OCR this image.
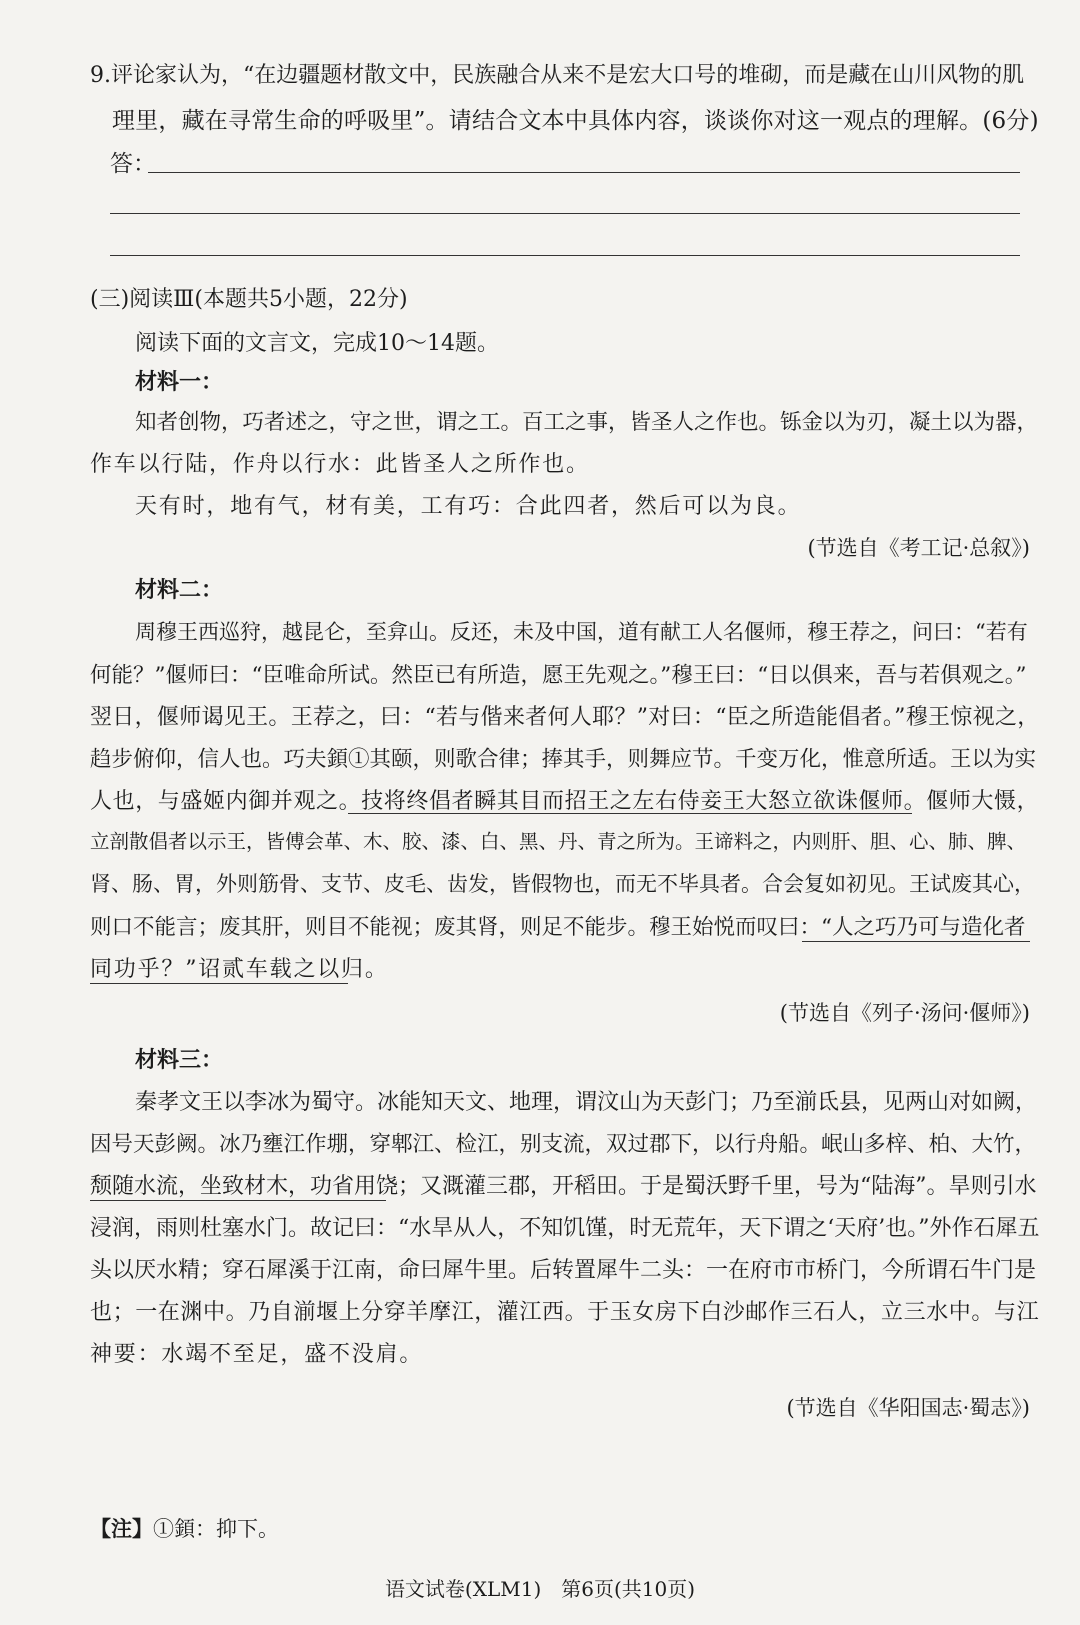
9.评论家认为，“在边疆题材散文中，民族融合从来不是宏大口号的堆砌，而是藏在山川风物的肌
理里，藏在寻常生命的呼吸里”。请结合文本中具体内容，谈谈你对这一观点的理解。(6分)
答：
(三)阅读Ⅲ(本题共5小题，22分)
阅读下面的文言文，完成10～14题。
材料一：
知者创物，巧者述之，守之世，谓之工。百工之事，皆圣人之作也。铄金以为刃，凝土以为器，
作车以行陆，作舟以行水：此皆圣人之所作也。
天有时，地有气，材有美，工有巧：合此四者，然后可以为良。
(节选自《考工记·总叙》)
材料二：
周穆王西巡狩，越昆仑，至弇山。反还，未及中国，道有献工人名偃师，穆王荐之，问曰：“若有
何能？”偃师曰：“臣唯命所试。然臣已有所造，愿王先观之。”穆王曰：“日以俱来，吾与若俱观之。”
翌日，偃师谒见王。王荐之，曰：“若与偕来者何人耶？”对曰：“臣之所造能倡者。”穆王惊视之，
趋步俯仰，信人也。巧夫顉①其颐，则歌合律；捧其手，则舞应节。千变万化，惟意所适。王以为实
人也，与盛姬内御并观之。技将终倡者瞬其目而招王之左右侍妾王大怒立欲诛偃师。偃师大慑，
立剖散倡者以示王，皆傅会革、木、胶、漆、白、黑、丹、青之所为。王谛料之，内则肝、胆、心、肺、脾、
肾、肠、胃，外则筋骨、支节、皮毛、齿发，皆假物也，而无不毕具者。合会复如初见。王试废其心，
则口不能言；废其肝，则目不能视；废其肾，则足不能步。穆王始悦而叹曰：“人之巧乃可与造化者
同功乎？”诏贰车载之以归。
(节选自《列子·汤问·偃师》)
材料三：
秦孝文王以李冰为蜀守。冰能知天文、地理，谓汶山为天彭门；乃至湔氐县，见两山对如阙，
因号天彭阙。冰乃壅江作堋，穿郫江、检江，别支流，双过郡下，以行舟船。岷山多梓、柏、大竹，
颓随水流，坐致材木，功省用饶；又溉灌三郡，开稻田。于是蜀沃野千里，号为“陆海”。旱则引水
浸润，雨则杜塞水门。故记曰：“水旱从人，不知饥馑，时无荒年，天下谓之‘天府’也。”外作石犀五
头以厌水精；穿石犀溪于江南，命曰犀牛里。后转置犀牛二头：一在府市市桥门，今所谓石牛门是
也；一在渊中。乃自湔堰上分穿羊摩江，灌江西。于玉女房下白沙邮作三石人，立三水中。与江
神要：水竭不至足，盛不没肩。
(节选自《华阳国志·蜀志》)
【注】①顉：抑下。
语文试卷(XLM1)　第6页(共10页)
